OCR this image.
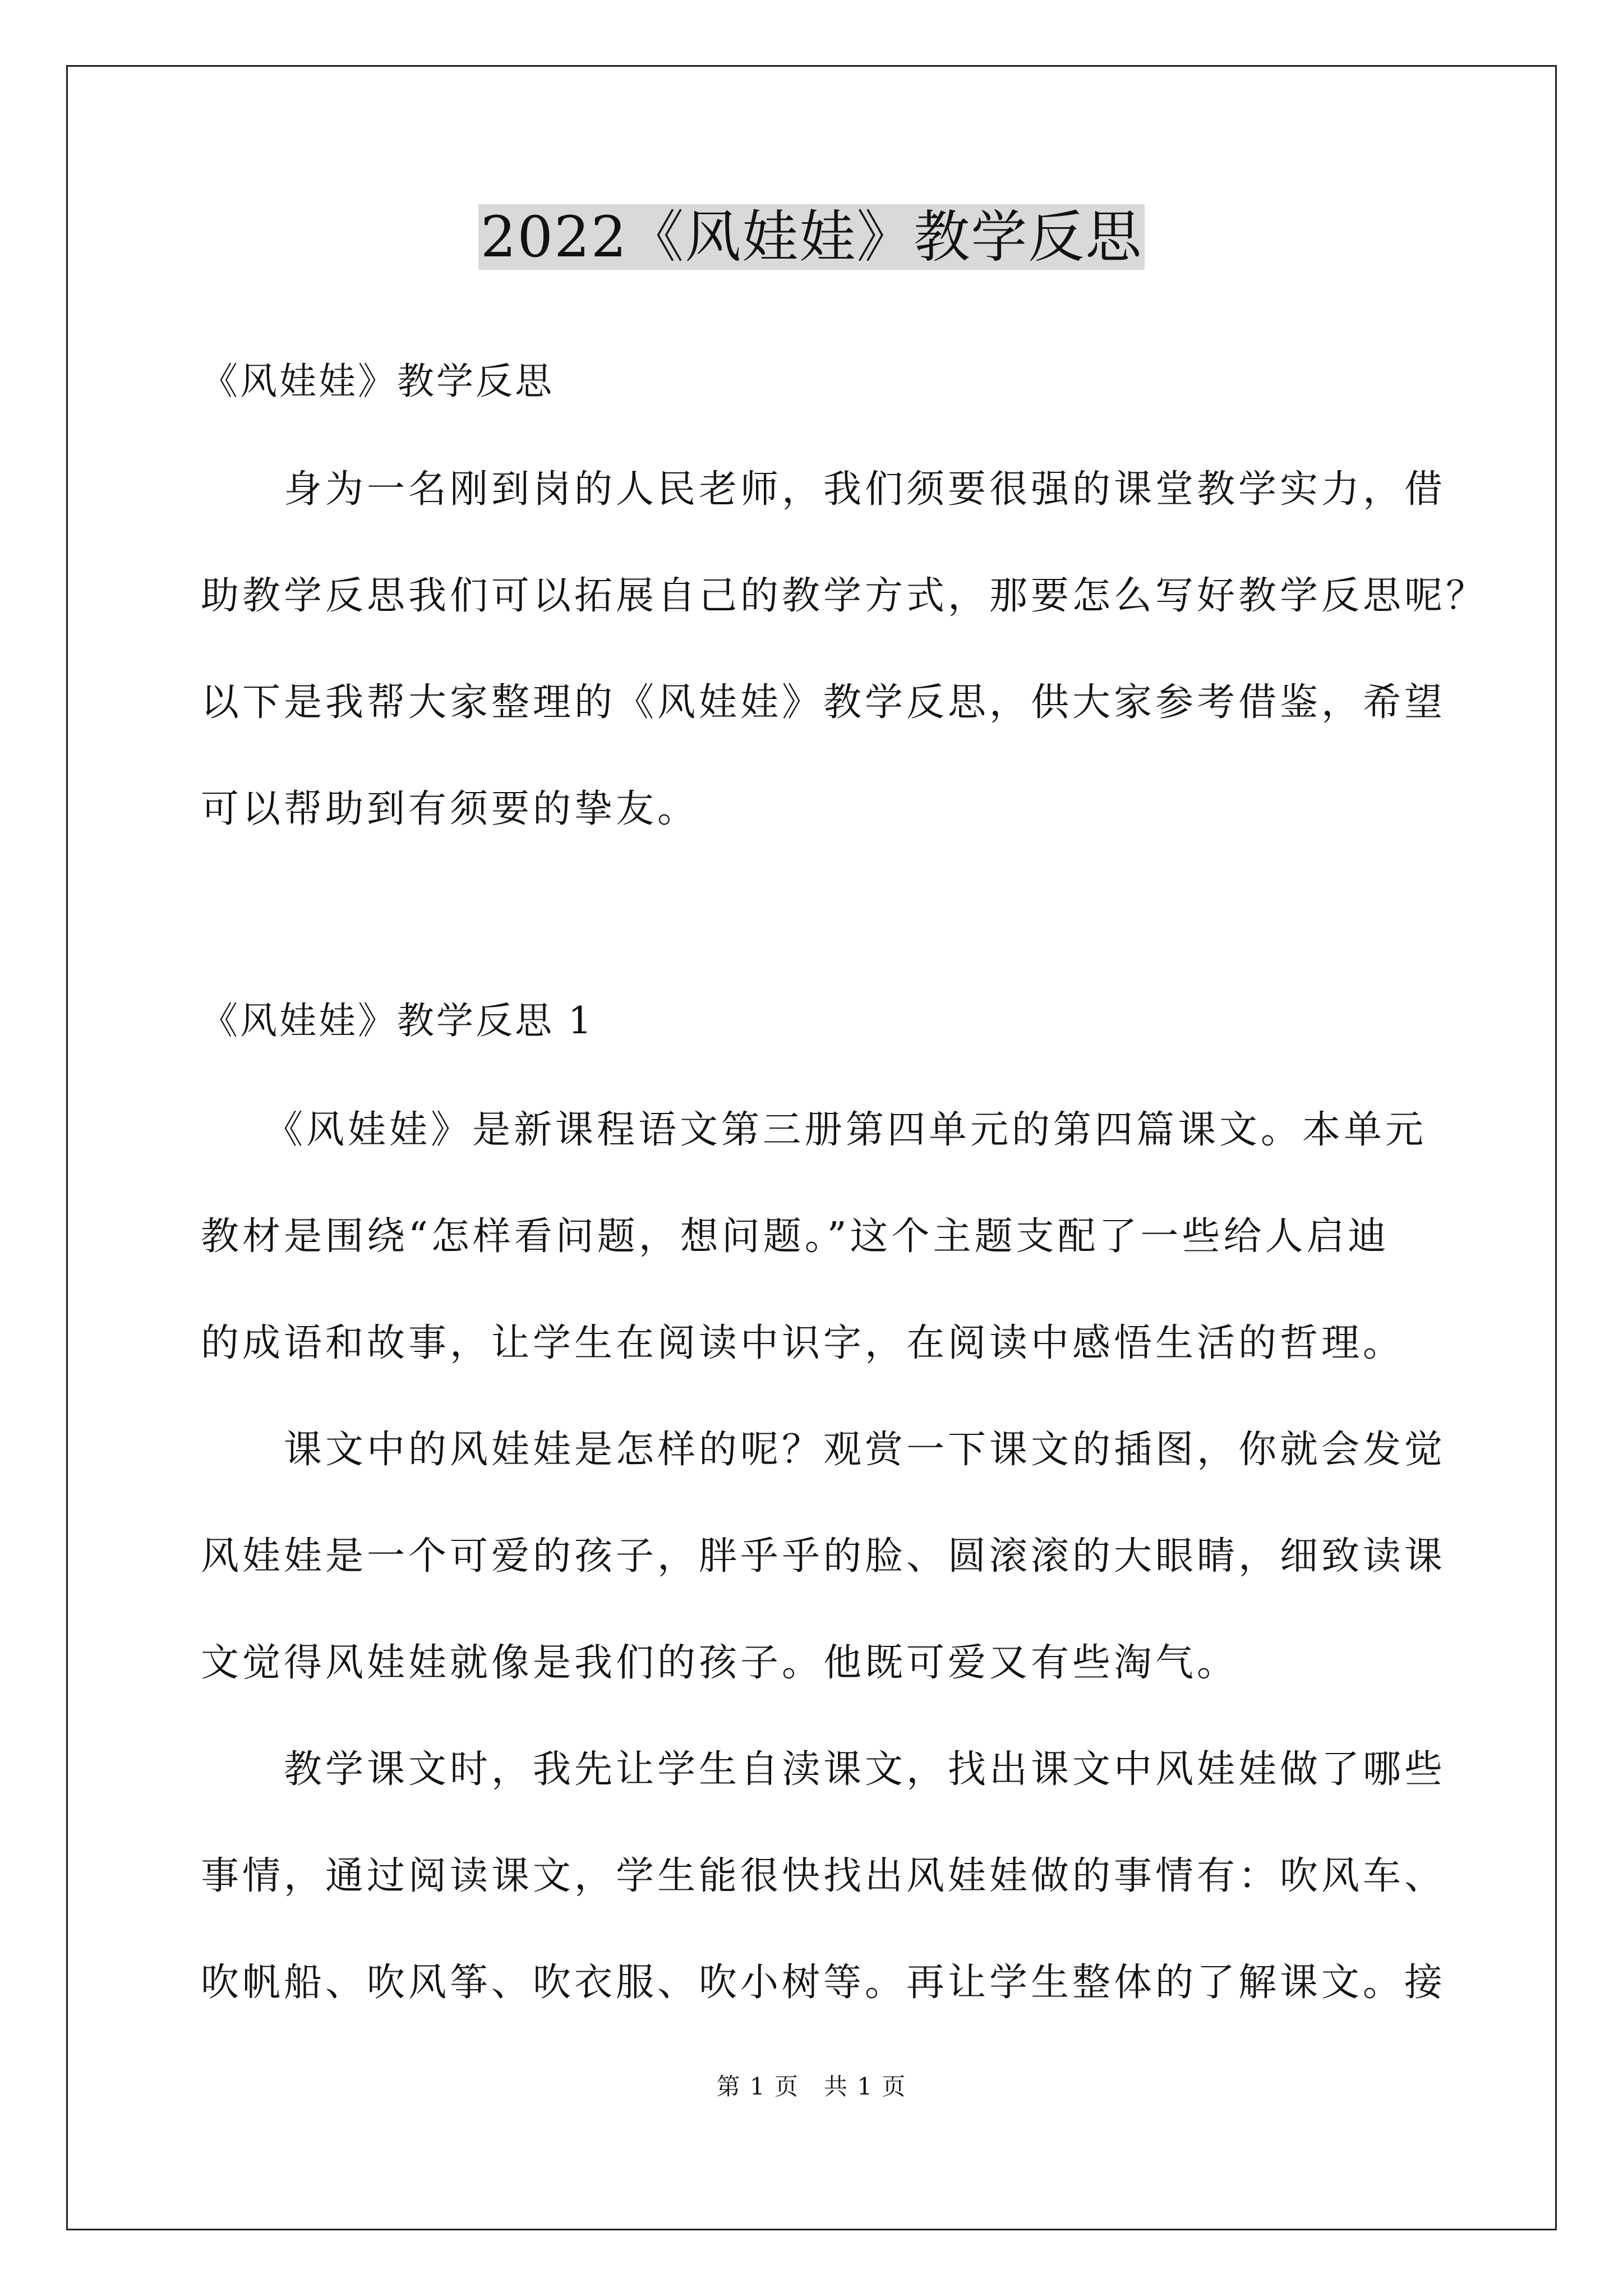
2022《风娃娃》教学反思
《风娃娃》教学反思
　　身为一名刚到岗的人民老师，我们须要很强的课堂教学实力，借
助教学反思我们可以拓展自己的教学方式，那要怎么写好教学反思呢？
以下是我帮大家整理的《风娃娃》教学反思，供大家参考借鉴，希望
可以帮助到有须要的挚友。
《风娃娃》教学反思 1
　　《风娃娃》是新课程语文第三册第四单元的第四篇课文。本单元
教材是围绕“怎样看问题，想问题。”这个主题支配了一些给人启迪
的成语和故事，让学生在阅读中识字，在阅读中感悟生活的哲理。
　　课文中的风娃娃是怎样的呢？观赏一下课文的插图，你就会发觉
风娃娃是一个可爱的孩子，胖乎乎的脸、圆滚滚的大眼睛，细致读课
文觉得风娃娃就像是我们的孩子。他既可爱又有些淘气。
　　教学课文时，我先让学生自渎课文，找出课文中风娃娃做了哪些
事情，通过阅读课文，学生能很快找出风娃娃做的事情有：吹风车、
吹帆船、吹风筝、吹衣服、吹小树等。再让学生整体的了解课文。接
第 1 页　共 1 页
